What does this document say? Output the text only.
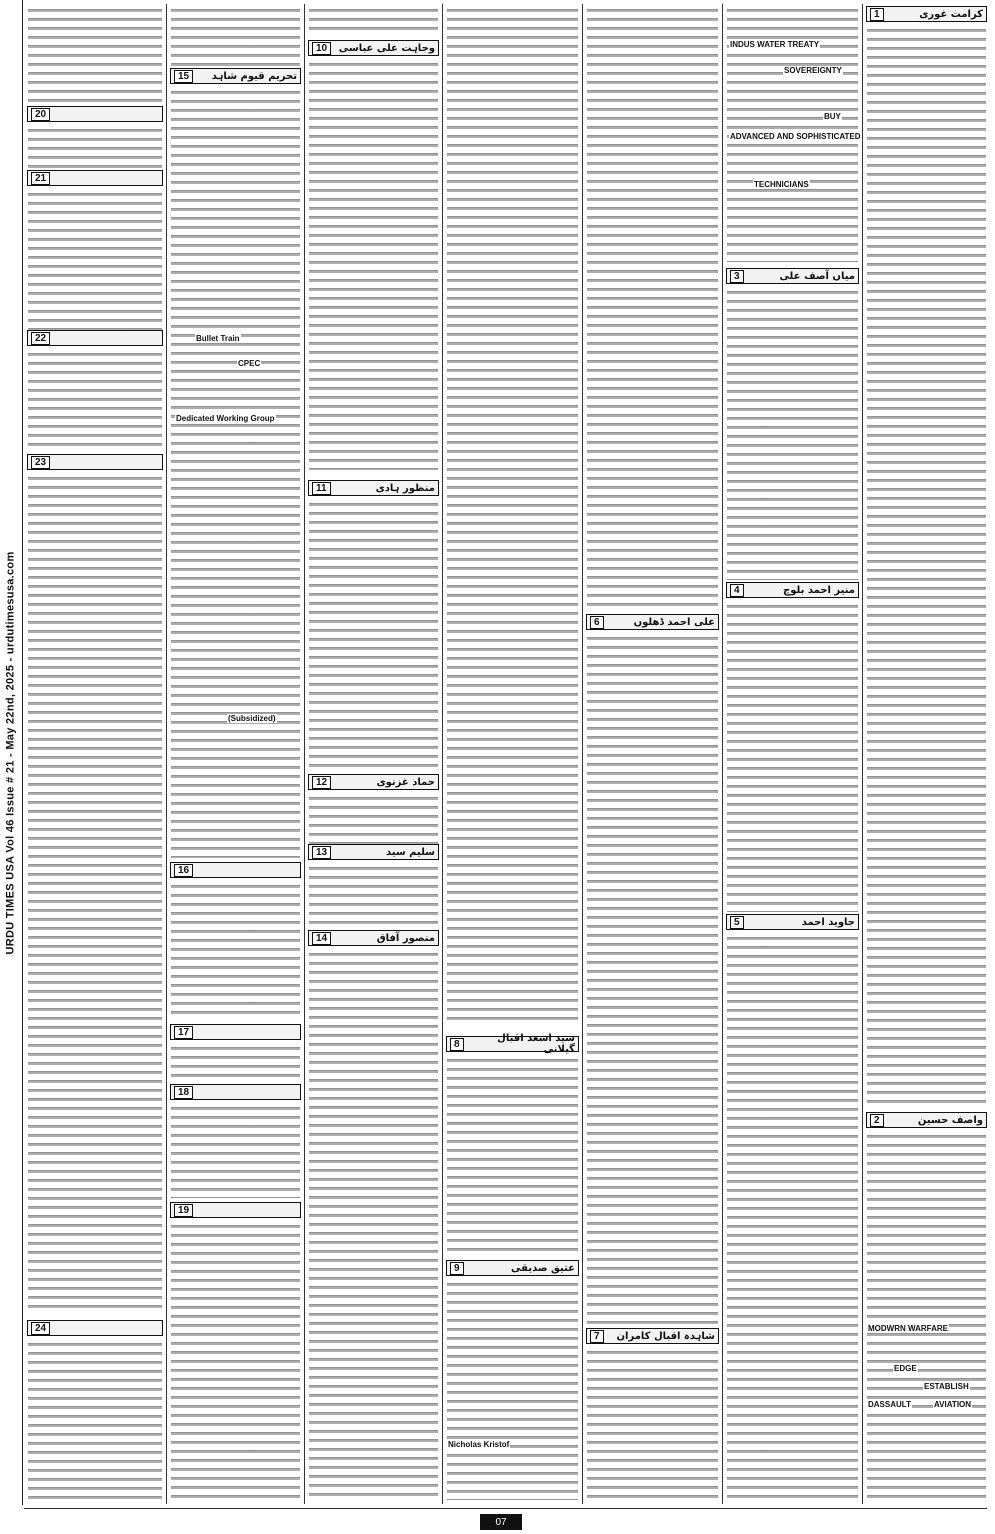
URDU TIMES USA Vol 46 Issue # 21 - May 22nd, 2025 - urdutimesusa.com
20
21
22
23
24
15	تحریم قیوم شاہد
Bullet Train
CPEC
Dedicated Working Group
(Subsidized)
16
17
18
19
10	وجاہت علی عباسی
11	منظور ہادی
12	حماد غزنوی
13	سلیم سید
14	منصور آفاق
8	سید اسعد اقبال گیلانی
9	عتیق صدیقی
Nicholas Kristof
6	علی احمد ڈھلوں
7	شاہدہ اقبال کامران
INDUS WATER TREATY
SOVEREIGNTY
BUY
ADVANCED AND SOPHISTICATED
TECHNICIANS
3	میاں آصف علی
4	منیر احمد بلوچ
5	جاوید احمد
1	کرامت غوری
2	واصف حسین
MODWRN WARFARE
EDGE
ESTABLISH
DASSAULT	AVIATION
07
